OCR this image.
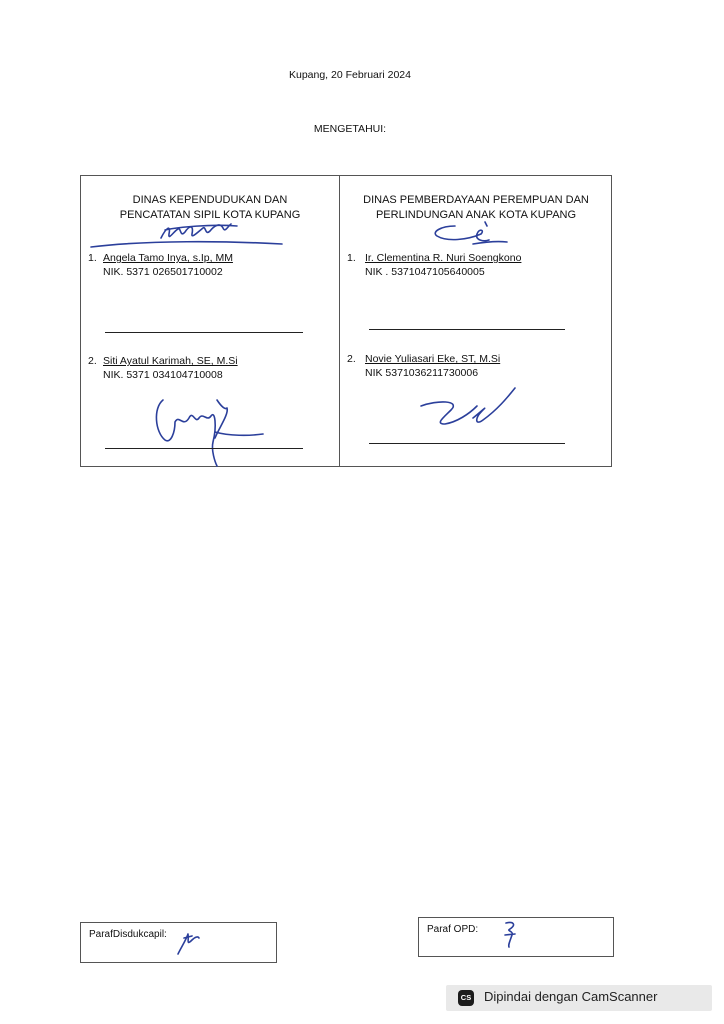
Kupang, 20 Februari 2024
MENGETAHUI:
DINAS KEPENDUDUKAN DAN
PENCATATAN SIPIL KOTA KUPANG
1. Angela Tamo Inya, s.Ip, MM
NIK. 5371 026501710002
2. Siti Ayatul Karimah, SE, M.Si
NIK. 5371 034104710008
DINAS PEMBERDAYAAN PEREMPUAN DAN
PERLINDUNGAN ANAK KOTA KUPANG
1. Ir. Clementina R. Nuri Soengkono
NIK . 5371047105640005
2. Novie Yuliasari Eke, ST, M.Si
NIK 5371036211730006
ParafDisdukcapil:	Paraf OPD:
CS Dipindai dengan CamScanner
